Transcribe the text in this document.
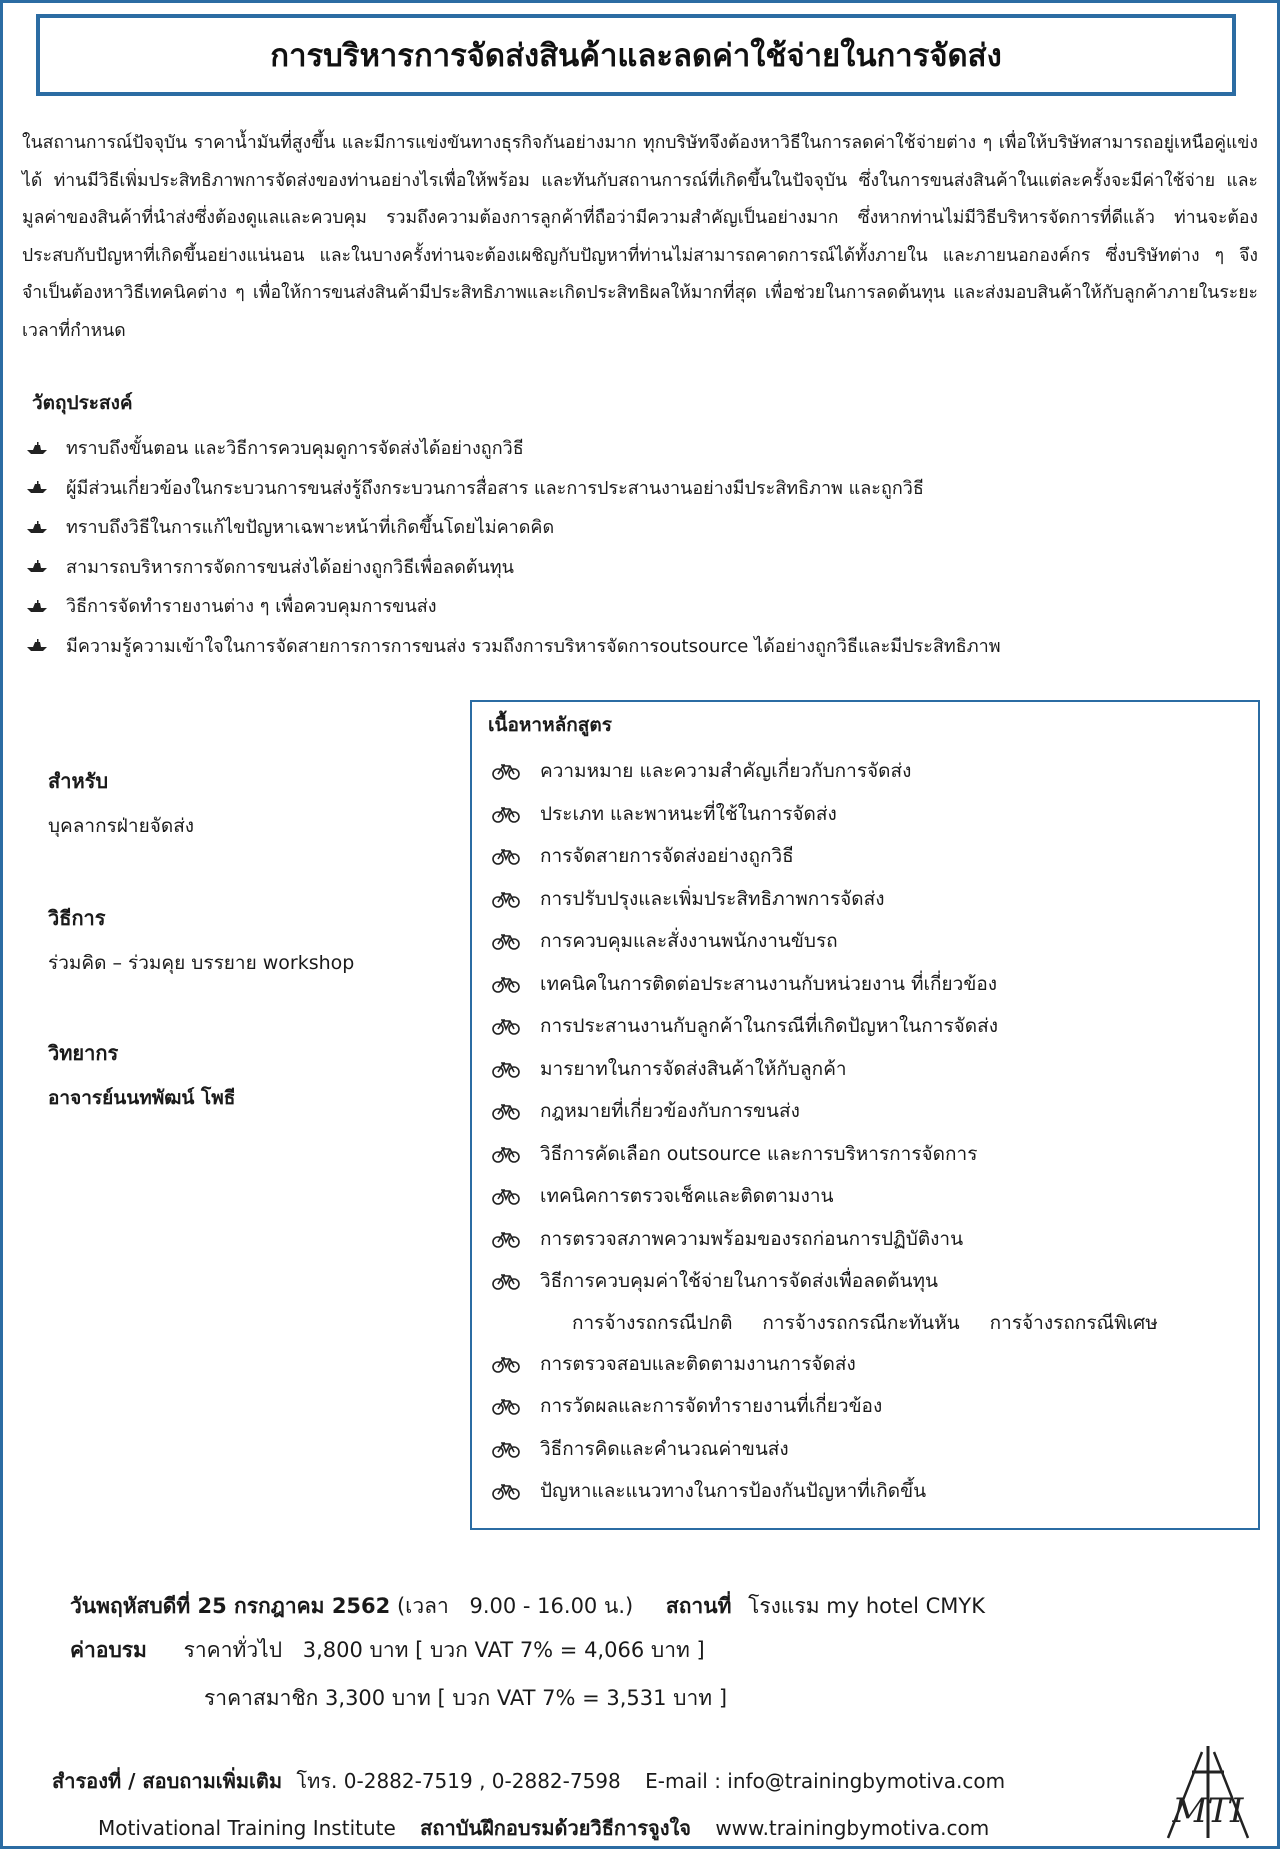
การบริหารการจัดส่งสินค้าและลดค่าใช้จ่ายในการจัดส่ง

ในสถานการณ์ปัจจุบัน ราคาน้ำมันที่สูงขึ้น และมีการแข่งขันทางธุรกิจกันอย่างมาก ทุกบริษัทจึงต้องหาวิธีในการลดค่าใช้จ่ายต่าง ๆ เพื่อให้บริษัทสามารถอยู่เหนือคู่แข่งได้ ท่านมีวิธีเพิ่มประสิทธิภาพการจัดส่งของท่านอย่างไรเพื่อให้พร้อม และทันกับสถานการณ์ที่เกิดขึ้นในปัจจุบัน ซึ่งในการขนส่งสินค้าในแต่ละครั้งจะมีค่าใช้จ่าย และมูลค่าของสินค้าที่นำส่งซึ่งต้องดูแลและควบคุม รวมถึงความต้องการลูกค้าที่ถือว่ามีความสำคัญเป็นอย่างมาก ซึ่งหากท่านไม่มีวิธีบริหารจัดการที่ดีแล้ว ท่านจะต้องประสบกับปัญหาที่เกิดขึ้นอย่างแน่นอน และในบางครั้งท่านจะต้องเผชิญกับปัญหาที่ท่านไม่สามารถคาดการณ์ได้ทั้งภายใน และภายนอกองค์กร ซึ่งบริษัทต่าง ๆ จึงจำเป็นต้องหาวิธีเทคนิคต่าง ๆ เพื่อให้การขนส่งสินค้ามีประสิทธิภาพและเกิดประสิทธิผลให้มากที่สุด เพื่อช่วยในการลดต้นทุน และส่งมอบสินค้าให้กับลูกค้าภายในระยะเวลาที่กำหนด

วัตถุประสงค์

ทราบถึงขั้นตอน และวิธีการควบคุมดูการจัดส่งได้อย่างถูกวิธี
ผู้มีส่วนเกี่ยวข้องในกระบวนการขนส่งรู้ถึงกระบวนการสื่อสาร และการประสานงานอย่างมีประสิทธิภาพ และถูกวิธี
ทราบถึงวิธีในการแก้ไขปัญหาเฉพาะหน้าที่เกิดขึ้นโดยไม่คาดคิด
สามารถบริหารการจัดการขนส่งได้อย่างถูกวิธีเพื่อลดต้นทุน
วิธีการจัดทำรายงานต่าง ๆ เพื่อควบคุมการขนส่ง
มีความรู้ความเข้าใจในการจัดสายการการการขนส่ง รวมถึงการบริหารจัดการoutsource ได้อย่างถูกวิธีและมีประสิทธิภาพ

สำหรับ

บุคลากรฝ่ายจัดส่ง

วิธีการ

ร่วมคิด – ร่วมคุย บรรยาย workshop

วิทยากร

อาจารย์นนทพัฒน์ โพธี

เนื้อหาหลักสูตร
ความหมาย และความสำคัญเกี่ยวกับการจัดส่ง
ประเภท และพาหนะที่ใช้ในการจัดส่ง
การจัดสายการจัดส่งอย่างถูกวิธี
การปรับปรุงและเพิ่มประสิทธิภาพการจัดส่ง
การควบคุมและสั่งงานพนักงานขับรถ
เทคนิคในการติดต่อประสานงานกับหน่วยงาน ที่เกี่ยวข้อง
การประสานงานกับลูกค้าในกรณีที่เกิดปัญหาในการจัดส่ง
มารยาทในการจัดส่งสินค้าให้กับลูกค้า
กฎหมายที่เกี่ยวข้องกับการขนส่ง
วิธีการคัดเลือก outsource และการบริหารการจัดการ
เทคนิคการตรวจเช็คและติดตามงาน
การตรวจสภาพความพร้อมของรถก่อนการปฏิบัติงาน
วิธีการควบคุมค่าใช้จ่ายในการจัดส่งเพื่อลดต้นทุน
การจ้างรถกรณีปกติ การจ้างรถกรณีกะทันหัน การจ้างรถกรณีพิเศษ
การตรวจสอบและติดตามงานการจัดส่ง
การวัดผลและการจัดทำรายงานที่เกี่ยวข้อง
วิธีการคิดและคำนวณค่าขนส่ง
ปัญหาและแนวทางในการป้องกันปัญหาที่เกิดขึ้น

วันพฤหัสบดีที่ 25 กรกฎาคม 2562 (เวลา 9.00 - 16.00 น.) สถานที่ โรงแรม my hotel CMYK

ค่าอบรม ราคาทั่วไป 3,800 บาท [ บวก VAT 7% = 4,066 บาท ]

ราคาสมาชิก 3,300 บาท [ บวก VAT 7% = 3,531 บาท ]

สำรองที่ / สอบถามเพิ่มเติม โทร. 0-2882-7519 , 0-2882-7598 E-mail : info@trainingbymotiva.com

Motivational Training Institute สถาบันฝึกอบรมด้วยวิธีการจูงใจ www.trainingbymotiva.com	MTI
